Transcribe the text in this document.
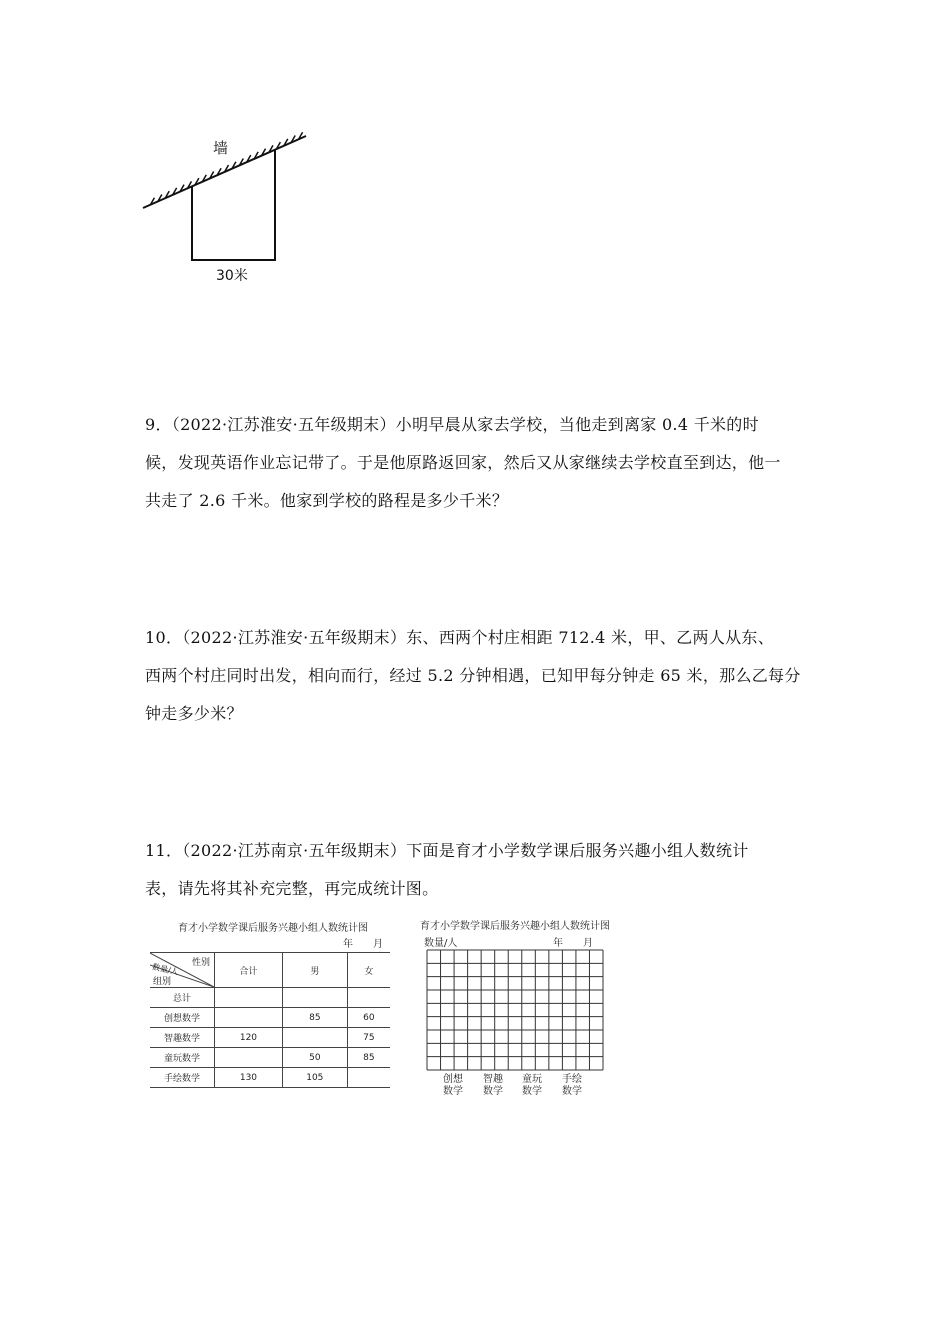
墙
30米

9．（2022·江苏淮安·五年级期末）小明早晨从家去学校，当他走到离家 0.4 千米的时

候，发现英语作业忘记带了。于是他原路返回家，然后又从家继续去学校直至到达，他一

共走了 2.6 千米。他家到学校的路程是多少千米？

10．（2022·江苏淮安·五年级期末）东、西两个村庄相距 712.4 米，甲、乙两人从东、

西两个村庄同时出发，相向而行，经过 5.2 分钟相遇，已知甲每分钟走 65 米，那么乙每分

钟走多少米？

11．（2022·江苏南京·五年级期末）下面是育才小学数学课后服务兴趣小组人数统计

表，请先将其补充完整，再完成统计图。

育才小学数学课后服务兴趣小组人数统计图
年　　月
性别
数量/人
组别	合计	男	女
总计			
创想数学		85	60
智趣数学	120		75
童玩数学		50	85
手绘数学	130	105	
育才小学数学课后服务兴趣小组人数统计图
数量/人	年　　月
创想
数学
智趣
数学
童玩
数学
手绘
数学
